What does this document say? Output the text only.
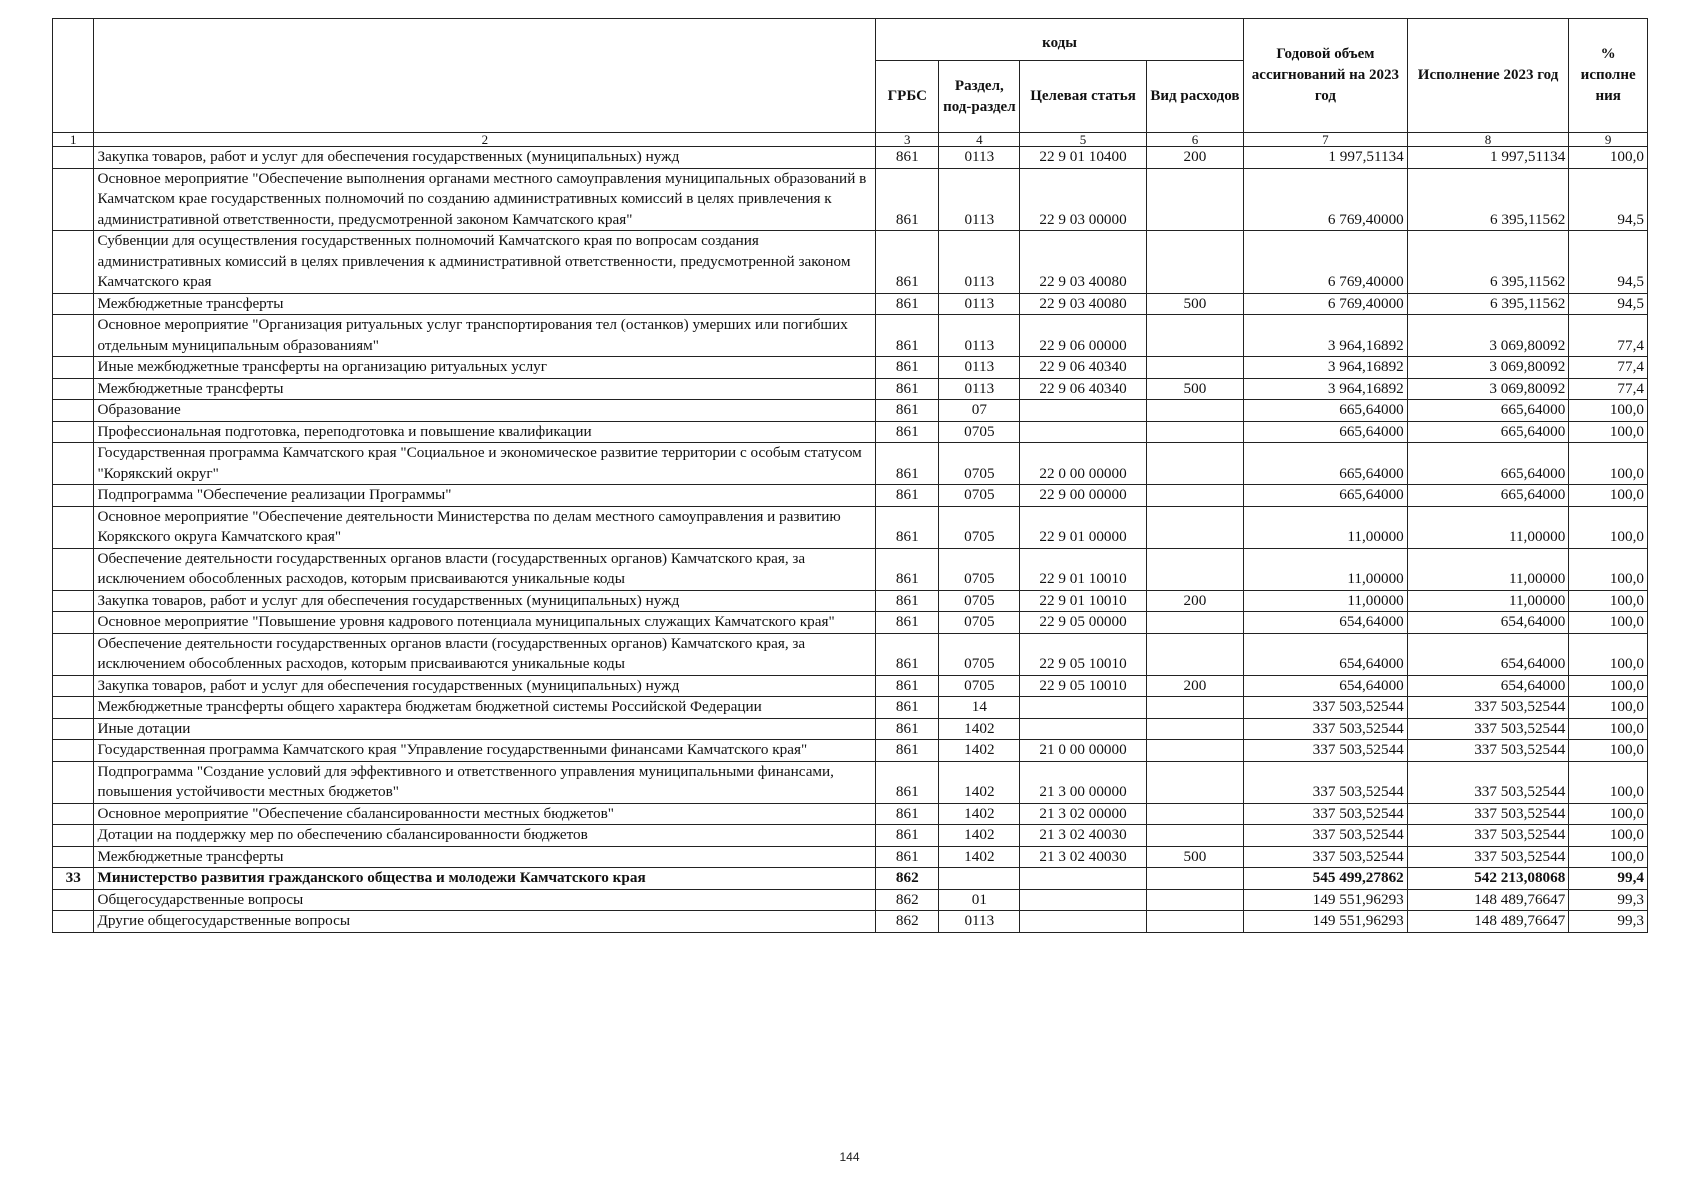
		коды				Годовой объем ассигнований на 2023 год	Исполнение 2023 год	% исполне ния
		ГРБС	Раздел, под-раздел	Целевая статья	Вид расходов			
1	2	3	4	5	6	7	8	9
	Закупка товаров, работ и услуг для обеспечения государственных (муниципальных) нужд	861	0113	22 9 01 10400	200	1 997,51134	1 997,51134	100,0
	Основное мероприятие "Обеспечение выполнения органами местного самоуправления муниципальных образований в Камчатском крае государственных полномочий по созданию административных комиссий в целях привлечения к административной ответственности, предусмотренной законом Камчатского края"	861	0113	22 9 03 00000		6 769,40000	6 395,11562	94,5
	Субвенции для осуществления государственных полномочий Камчатского края по вопросам создания административных комиссий в целях привлечения к административной ответственности, предусмотренной законом Камчатского края	861	0113	22 9 03 40080		6 769,40000	6 395,11562	94,5
	Межбюджетные трансферты	861	0113	22 9 03 40080	500	6 769,40000	6 395,11562	94,5
	Основное мероприятие "Организация ритуальных услуг транспортирования тел (останков) умерших или погибших отдельным муниципальным образованиям"	861	0113	22 9 06 00000		3 964,16892	3 069,80092	77,4
	Иные межбюджетные трансферты на организацию ритуальных услуг	861	0113	22 9 06 40340		3 964,16892	3 069,80092	77,4
	Межбюджетные трансферты	861	0113	22 9 06 40340	500	3 964,16892	3 069,80092	77,4
	Образование	861	07			665,64000	665,64000	100,0
	Профессиональная подготовка, переподготовка и повышение квалификации	861	0705			665,64000	665,64000	100,0
	Государственная программа Камчатского края "Социальное и экономическое развитие территории с особым статусом "Корякский округ"	861	0705	22 0 00 00000		665,64000	665,64000	100,0
	Подпрограмма "Обеспечение реализации Программы"	861	0705	22 9 00 00000		665,64000	665,64000	100,0
	Основное мероприятие "Обеспечение деятельности Министерства по делам местного самоуправления и развитию Корякского округа Камчатского края"	861	0705	22 9 01 00000		11,00000	11,00000	100,0
	Обеспечение деятельности государственных органов власти (государственных органов) Камчатского края, за исключением обособленных расходов, которым присваиваются уникальные коды	861	0705	22 9 01 10010		11,00000	11,00000	100,0
	Закупка товаров, работ и услуг для обеспечения государственных (муниципальных) нужд	861	0705	22 9 01 10010	200	11,00000	11,00000	100,0
	Основное мероприятие "Повышение уровня кадрового потенциала муниципальных служащих Камчатского края"	861	0705	22 9 05 00000		654,64000	654,64000	100,0
	Обеспечение деятельности государственных органов власти (государственных органов) Камчатского края, за исключением обособленных расходов, которым присваиваются уникальные коды	861	0705	22 9 05 10010		654,64000	654,64000	100,0
	Закупка товаров, работ и услуг для обеспечения государственных (муниципальных) нужд	861	0705	22 9 05 10010	200	654,64000	654,64000	100,0
	Межбюджетные трансферты общего характера бюджетам бюджетной системы Российской Федерации	861	14			337 503,52544	337 503,52544	100,0
	Иные дотации	861	1402			337 503,52544	337 503,52544	100,0
	Государственная программа Камчатского края "Управление государственными финансами Камчатского края"	861	1402	21 0 00 00000		337 503,52544	337 503,52544	100,0
	Подпрограмма "Создание условий для эффективного и ответственного управления муниципальными финансами, повышения устойчивости местных бюджетов"	861	1402	21 3 00 00000		337 503,52544	337 503,52544	100,0
	Основное мероприятие "Обеспечение сбалансированности местных бюджетов"	861	1402	21 3 02 00000		337 503,52544	337 503,52544	100,0
	Дотации на поддержку мер по обеспечению сбалансированности бюджетов	861	1402	21 3 02 40030		337 503,52544	337 503,52544	100,0
	Межбюджетные трансферты	861	1402	21 3 02 40030	500	337 503,52544	337 503,52544	100,0
33	Министерство развития гражданского общества и молодежи Камчатского края	862				545 499,27862	542 213,08068	99,4
	Общегосударственные вопросы	862	01			149 551,96293	148 489,76647	99,3
	Другие общегосударственные вопросы	862	0113			149 551,96293	148 489,76647	99,3
144
